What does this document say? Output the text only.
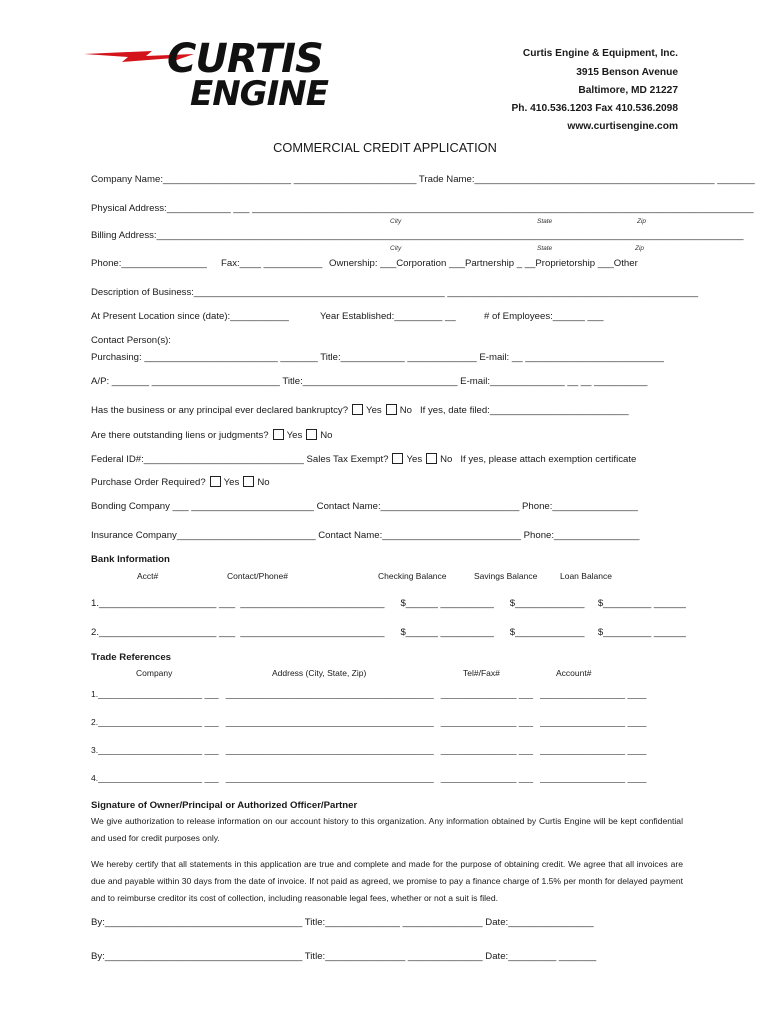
CURTIS
ENGINE
Curtis Engine & Equipment, Inc.
3915 Benson Avenue
Baltimore, MD 21227
Ph. 410.536.1203 Fax 410.536.2098
www.curtisengine.com
COMMERCIAL CREDIT APPLICATION
Company Name:________________________ _______________________ Trade Name:_____________________________________________ _______
Physical Address:____________ ___ ______________________________________________________________________________________________
City	State	Zip
Billing Address:______________________________________________________________________________________________________________
City	State	Zip
Phone:________________ Fax:____ ___________ Ownership: ___Corporation ___Partnership _ __Proprietorship ___Other
Description of Business:_______________________________________________ _______________________________________________
At Present Location since (date):___________	Year Established:_________ __	# of Employees:______ ___
Contact Person(s):
Purchasing: _________________________ _______ Title:____________ _____________ E-mail: __ __________________________
A/P: _______ ________________________ Title:_____________________________ E-mail:______________ __ __ __________
Has the business or any principal ever declared bankruptcy? Yes No If yes, date filed:__________________________
Are there outstanding liens or judgments? Yes No
Federal ID#:______________________________ Sales Tax Exempt? Yes No If yes, please attach exemption certificate
Purchase Order Required? Yes No
Bonding Company ___ _______________________ Contact Name:__________________________ Phone:________________
Insurance Company__________________________ Contact Name:__________________________ Phone:________________
Bank Information
Acct#	Contact/Phone#	Checking Balance	Savings Balance	Loan Balance
1.______________________ ___  ___________________________      $______ __________      $_____________     $_________ ______
2.______________________ ___  ___________________________      $______ __________      $_____________     $_________ ______
Trade References
Company	Address (City, State, Zip)	Tel#/Fax#	Account#
1.______________________ ___   ____________________________________________   ________________ ___   __________________ ____
2.______________________ ___   ____________________________________________   ________________ ___   __________________ ____
3.______________________ ___   ____________________________________________   ________________ ___   __________________ ____
4.______________________ ___   ____________________________________________   ________________ ___   __________________ ____
Signature of Owner/Principal or Authorized Officer/Partner
We give authorization to release information on our account history to this organization. Any information obtained by Curtis Engine will be kept confidential and used for credit purposes only.
We hereby certify that all statements in this application are true and complete and made for the purpose of obtaining credit. We agree that all invoices are due and payable within 30 days from the date of invoice. If not paid as agreed, we promise to pay a finance charge of 1.5% per month for delayed payment and to reimburse creditor its cost of collection, including reasonable legal fees, whether or not a suit is filed.
By:_____________________________________ Title:______________ _______________ Date:________________
By:_____________________________________ Title:_______________ ______________ Date:_________ _______
